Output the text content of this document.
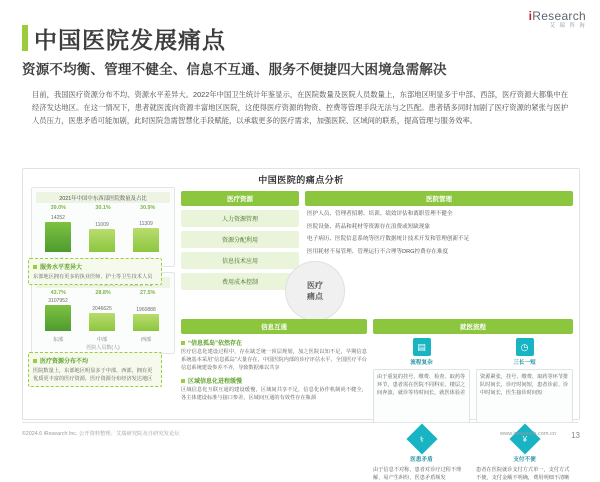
iResearch
艾 瑞 咨 询
中国医院发展痛点
资源不均衡、管理不健全、信息不互通、服务不便捷四大困境急需解决
目前，我国医疗资源分布不均、资源水平差异大。2022年中国卫生统计年鉴显示，在医院数量及医院人员数量上，东部地区明显多于中部、西部，医疗资源大都集中在经济发达地区。在这一情况下，患者就医流向资源丰富地区医院，这使得医疗资源的物资、控费等管理手段无法与之匹配。患者错多同时加剧了医疗资源的紧张与医护人员压力，医患矛盾可能加剧，此时医院急需智慧化手段赋能，以承载更多的医疗需求，加强医院、区域间的联系，提高管理与服务效率。
中国医院的痛点分析
2021年中国中东西部医院数量及占比
39.0%	30.1%	30.9%
14252
11009	11309
43.7%	28.8%	27.5%
3107952
东部
2046625
中部
1960888
西部
医院人员数(人)
医疗资源
人力资源管理
资源分配利用
信息技术应用
费用成本控制
医院管理
医护人员、管理者招聘、培训、绩效评估和离职管理不健全
医院设备、药品和耗材等资源存在浪费或短缺现象
电子病历、医院信息系统等医疗数据统计技术开发和管理创新不足
医用耗材不易管理、管理运行不合理等DRG控费存在难度
医疗
痛点
信息互通
“信息孤岛”依然存在
医疗信息化建设过程中，存在缺乏统一顶层规划，加之医院以知不足，早期信息系统基本采用“信息孤岛”大量存在，中国医院内部的诊疗评估水平、全国医疗平台信息系统建设参差不齐，导致数据难以共享
区域信息化进程缓慢
区域信息化互联互通的建设缓慢，区域间共享不足，信息化协作机制尚不健全，各主体建设标准与接口参差，区域间互通的有效性存在瓶颈
就医流程
▤
流程复杂
◷
三长一短
由于重复的挂号、缴费、检查、取药等环节，患者需在医院不同科室、楼层之间奔波，就诊等待时间长，就医体验差
资源紧张，挂号、缴费、取药等环节排队时间长，诊疗时间短，患者诊前、诊中时间长，医生接诊时间短
⚕
医患矛盾
¥
支付不便
由于信息不对称，患者对诊疗过程不理解，易产生纠纷，医患矛盾频发
患者在医院就诊支付方式单一，支付方式不便，支付金额不明确，费用明细不清晰
医疗资源分布不均
医院数量上，东部地区明显多于中部、西部，拥有更优质更丰富的医疗资源，医疗资源分布经济发达地区
服务水平差异大
东部地区拥有更多的执业医师、护士等卫生技术人员
©2024.6 iResearch Inc. 公开资料整理、艾瑞研究院及自研究发论坛	www.iresearch.com.cn 13
